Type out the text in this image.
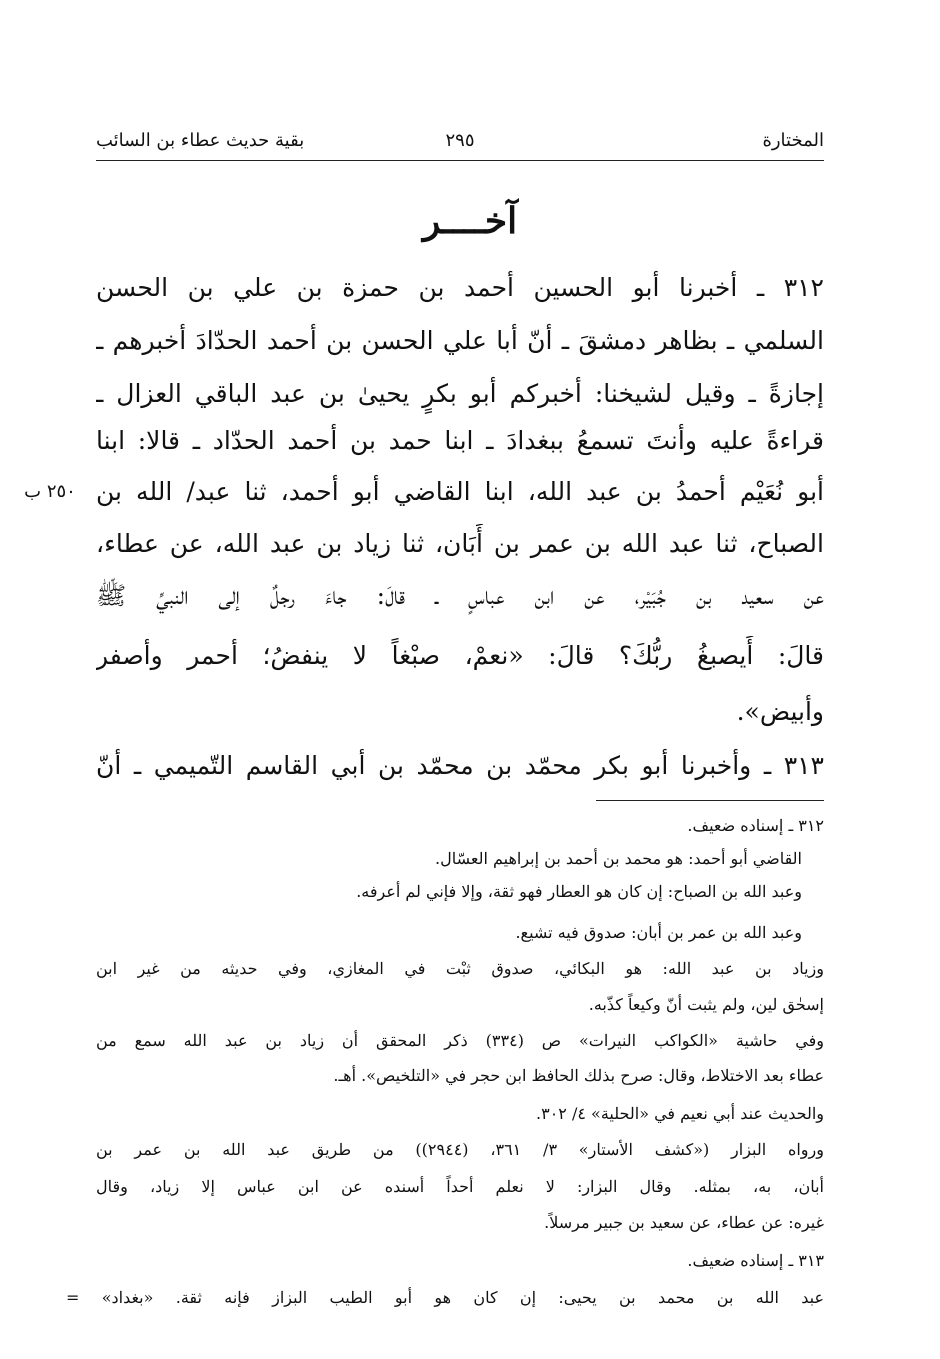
المختارة
٢٩٥
بقية حديث عطاء بن السائب
آخــــر
٢٥٠ ب
٣١٢ ـ أخبرنا أبو الحسين أحمد بن حمزة بن علي بن الحسن
السلمي ـ بظاهر دمشقَ ـ أنّ أبا علي الحسن بن أحمد الحدّادَ أخبرهم ـ
إجازةً ـ وقيل لشيخنا: أخبركم أبو بكرٍ يحيىٰ بن عبد الباقي العزال ـ
قراءةً عليه وأنتَ تسمعُ ببغدادَ ـ ابنا حمد بن أحمد الحدّاد ـ قالا: ابنا
أبو نُعَيْم أحمدُ بن عبد الله، ابنا القاضي أبو أحمد، ثنا عبد/ الله بن
الصباح، ثنا عبد الله بن عمر بن أَبَان، ثنا زياد بن عبد الله، عن عطاء،
عن سعيد بن جُبَيْر، عن ابن عباسٍ ـ قالَ: جاءَ رجلٌ إلى النبيِّ ﷺ
قالَ: أَيصبغُ ربُّكَ؟ قالَ: «نعمْ، صبْغاً لا ينفضُ؛ أحمر وأصفر
وأبيض».
٣١٣ ـ وأخبرنا أبو بكر محمّد بن محمّد بن أبي القاسم التّميمي ـ أنّ
٣١٢ ـ إسناده ضعيف.
القاضي أبو أحمد: هو محمد بن أحمد بن إبراهيم العسّال.
وعبد الله بن الصباح: إن كان هو العطار فهو ثقة، وإلا فإني لم أعرفه.
وعبد الله بن عمر بن أبان: صدوق فيه تشيع.
وزياد بن عبد الله: هو البكائي، صدوق ثبْت في المغازي، وفي حديثه من غير ابن
إسحٰق لين، ولم يثبت أنّ وكيعاً كذّبه.
وفي حاشية «الكواكب النيرات» ص (٣٣٤) ذكر المحقق أن زياد بن عبد الله سمع من
عطاء بعد الاختلاط، وقال: صرح بذلك الحافظ ابن حجر في «التلخيص». أهـ.
والحديث عند أبي نعيم في «الحلية» ٤/ ٣٠٢.
ورواه البزار («كشف الأستار» ٣/ ٣٦١، (٢٩٤٤)) من طريق عبد الله بن عمر بن
أبان، به، بمثله. وقال البزار: لا نعلم أحداً أسنده عن ابن عباس إلا زياد، وقال
غيره: عن عطاء، عن سعيد بن جبير مرسلاً.
٣١٣ ـ إسناده ضعيف.
عبد الله بن محمد بن يحيى: إن كان هو أبو الطيب البزاز فإنه ثقة. «بغداد» =
